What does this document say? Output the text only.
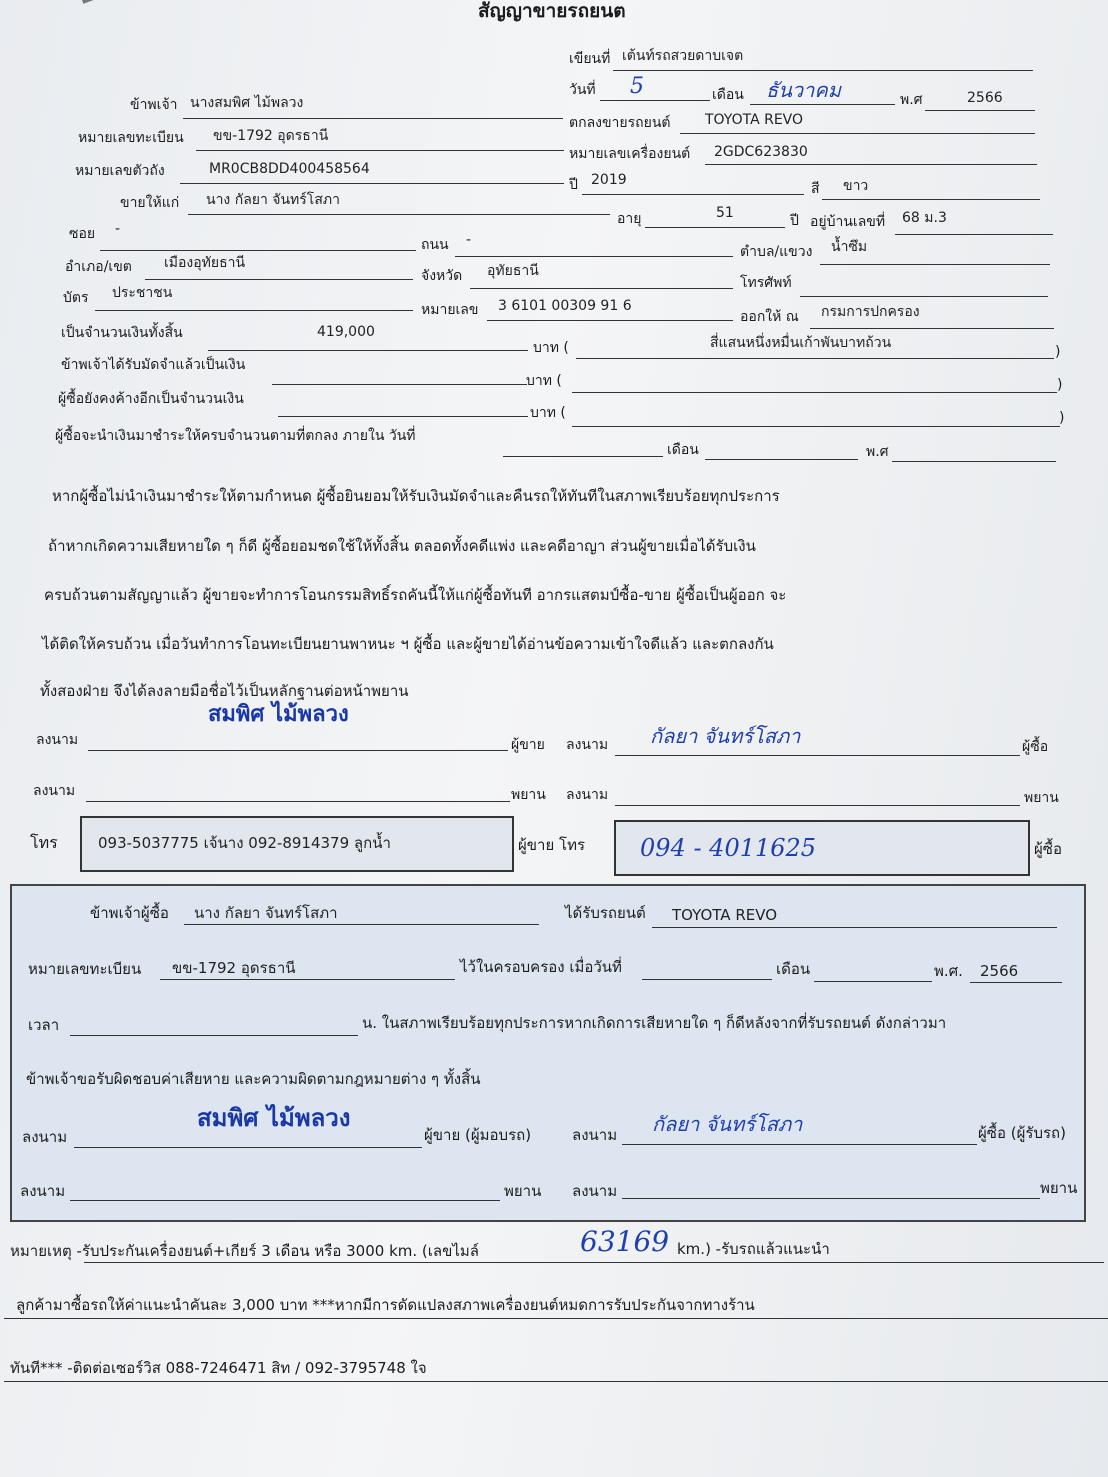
สัญญาขายรถยนต
เขียนที่ เต้นท์รถสวยดาบเจต
วันที่ 5	เดือน ธันวาคม	พ.ศ	2566
ข้าพเจ้า นางสมพิศ ไม้พลวง
ตกลงขายรถยนต์ TOYOTA REVO
หมายเลขทะเบียน ขข-1792 อุดรธานี
หมายเลขเครื่องยนต์ 2GDC623830
หมายเลขตัวถัง	MR0CB8DD400458564
ปี 2019
สี ขาว
ขายให้แก่ นาง กัลยา จันทร์โสภา
อายุ	51	ปี อยู่บ้านเลขที่ 68 ม.3
ซอย -
ถนน -
ตำบล/แขวง น้ำซึม
อำเภอ/เขต เมืองอุทัยธานี
จังหวัด อุทัยธานี
โทรศัพท์
บัตร ประชาชน
หมายเลข 3 6101 00309 91 6
ออกให้ ณ กรมการปกครอง
เป็นจำนวนเงินทั้งสิ้น	419,000
บาท (	สี่แสนหนึ่งหมื่นเก้าพันบาทถ้วน
)
ข้าพเจ้าได้รับมัดจำแล้วเป็นเงิน
บาท (	)
ผู้ซื้อยังคงค้างอีกเป็นจำนวนเงิน
บาท (	)
ผู้ซื้อจะนำเงินมาชำระให้ครบจำนวนตามที่ตกลง ภายใน วันที่
เดือน	พ.ศ
หากผู้ซื้อไม่นำเงินมาชำระให้ตามกำหนด ผู้ซื้อยินยอมให้รับเงินมัดจำและคืนรถให้ทันทีในสภาพเรียบร้อยทุกประการ
ถ้าหากเกิดความเสียหายใด ๆ ก็ดี ผู้ซื้อยอมชดใช้ให้ทั้งสิ้น ตลอดทั้งคดีแพ่ง และคดีอาญา ส่วนผู้ขายเมื่อได้รับเงิน
ครบถ้วนตามสัญญาแล้ว ผู้ขายจะทำการโอนกรรมสิทธิ์รถคันนี้ให้แก่ผู้ซื้อทันที อากรแสตมป์ซื้อ-ขาย ผู้ซื้อเป็นผู้ออก จะ
ได้ติดให้ครบถ้วน เมื่อวันทำการโอนทะเบียนยานพาหนะ ฯ ผู้ซื้อ และผู้ขายได้อ่านข้อความเข้าใจดีแล้ว และตกลงกัน
ทั้งสองฝ่าย จึงได้ลงลายมือชื่อไว้เป็นหลักฐานต่อหน้าพยาน
สมพิศ ไม้พลวง
ลงนาม	ผู้ขาย ลงนาม กัลยา จันทร์โสภา	ผู้ซื้อ
ลงนาม	พยาน ลงนาม	พยาน
โทร	093-5037775 เจ้นาง 092-8914379 ลูกน้ำ	ผู้ขาย โทร 094 - 4011625	ผู้ซื้อ
ข้าพเจ้าผู้ซื้อ นาง กัลยา จันทร์โสภา	ได้รับรถยนต์ TOYOTA REVO
หมายเลขทะเบียน ขข-1792 อุดรธานี	ไว้ในครอบครอง เมื่อวันที่	เดือน	พ.ศ. 2566
เวลา	น. ในสภาพเรียบร้อยทุกประการหากเกิดการเสียหายใด ๆ ก็ดีหลังจากที่รับรถยนต์ ดังกล่าวมา
ข้าพเจ้าขอรับผิดชอบค่าเสียหาย และความผิดตามกฎหมายต่าง ๆ ทั้งสิ้น
สมพิศ ไม้พลวง
ลงนาม	ผู้ขาย (ผู้มอบรถ)	ลงนาม กัลยา จันทร์โสภา	ผู้ซื้อ (ผู้รับรถ)
ลงนาม	พยาน ลงนาม	พยาน
หมายเหตุ -รับประกันเครื่องยนต์+เกียร์ 3 เดือน หรือ 3000 km. (เลขไมล์	63169 km.) -รับรถแล้วแนะนำ
ลูกค้ามาซื้อรถให้ค่าแนะนำคันละ 3,000 บาท ***หากมีการดัดแปลงสภาพเครื่องยนต์หมดการรับประกันจากทางร้าน
ทันที*** -ติดต่อเซอร์วิส 088-7246471 สิท / 092-3795748 ใจ
